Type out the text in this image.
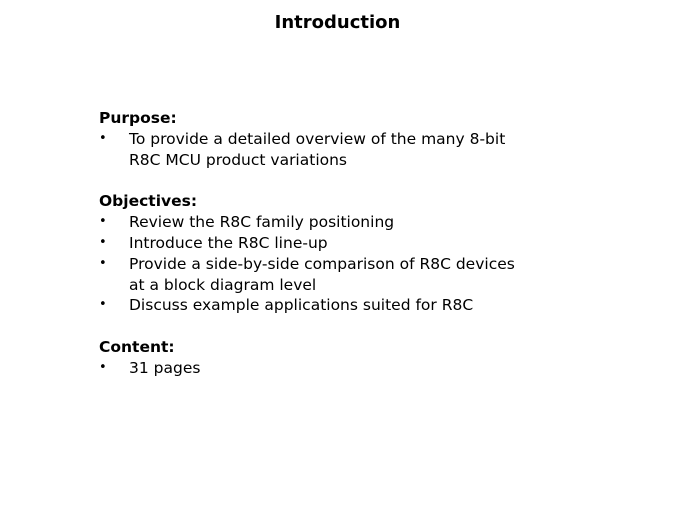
Introduction
Purpose:
•	To provide a detailed overview of the many 8-bit
R8C MCU product variations
Objectives:
•	Review the R8C family positioning
•	Introduce the R8C line-up
•	Provide a side-by-side comparison of R8C devices
at a block diagram level
•	Discuss example applications suited for R8C
Content:
•	31 pages
